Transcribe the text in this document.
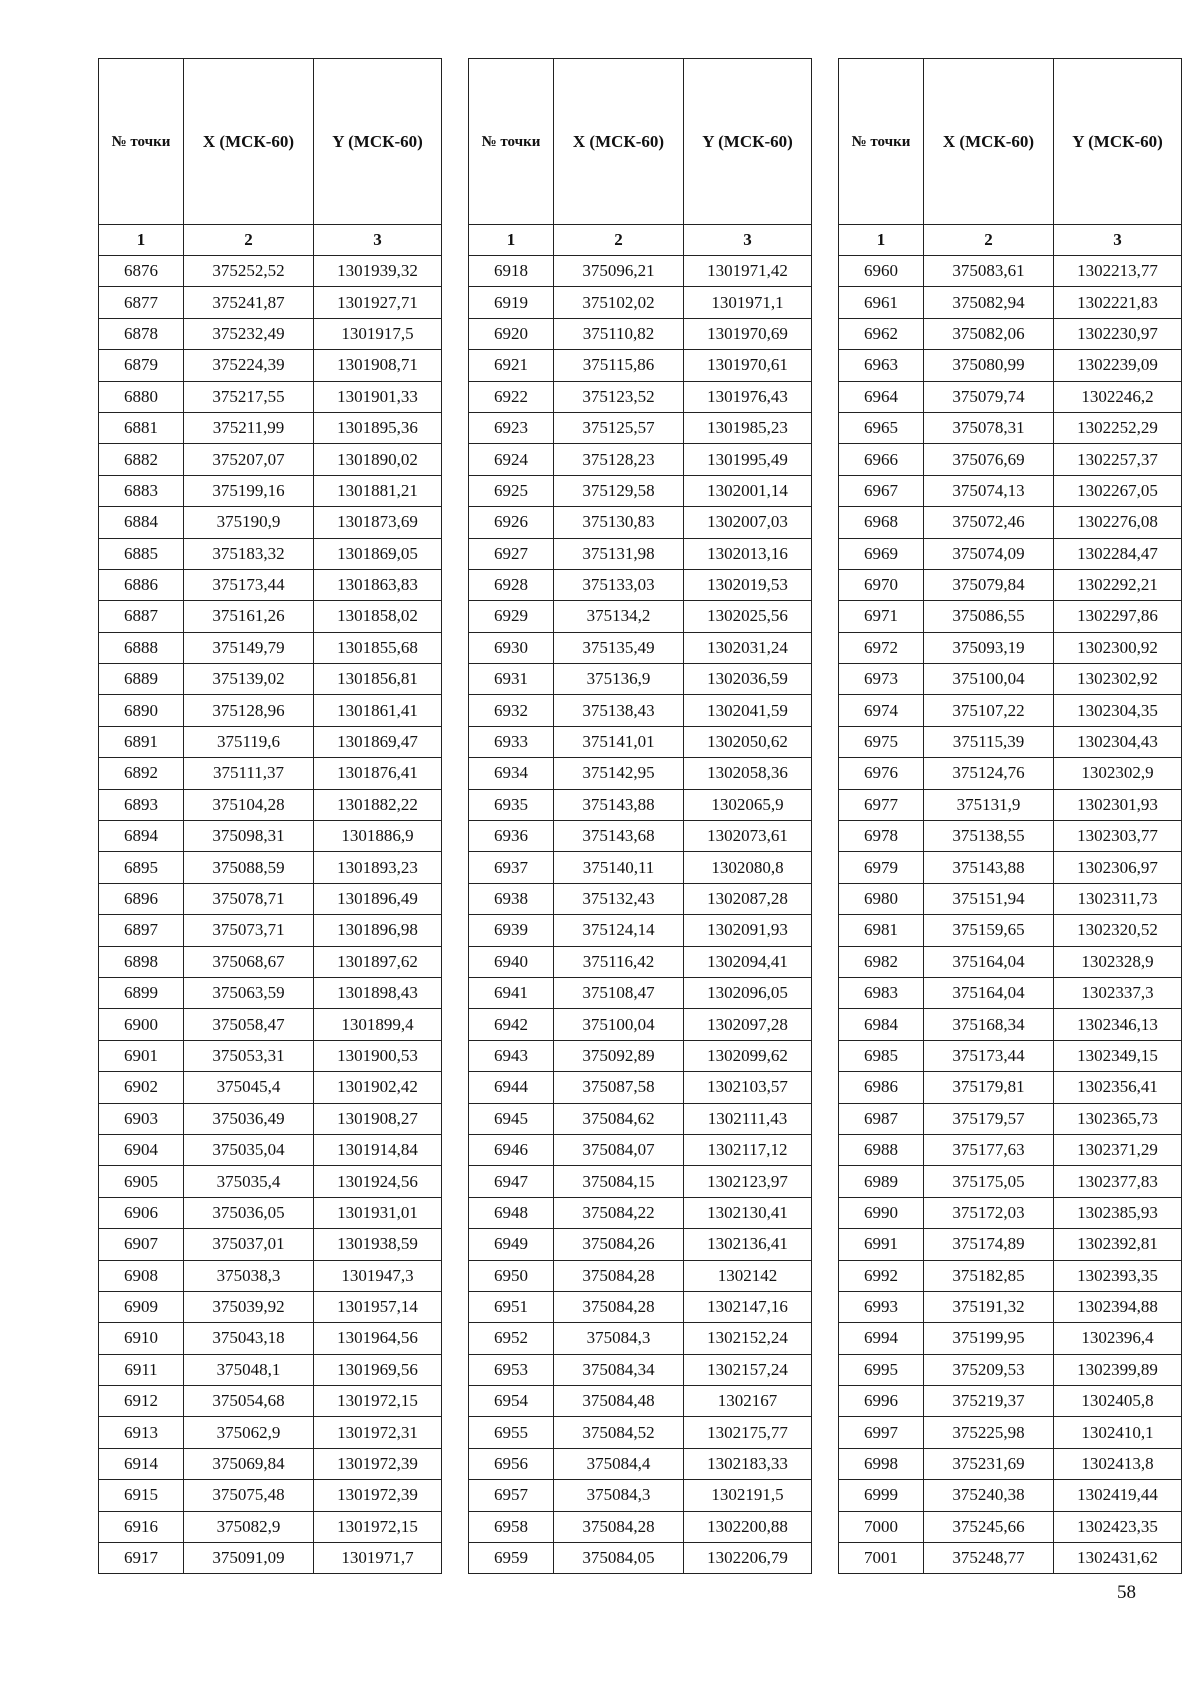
№ точки	X (МСК-60)	Y (МСК-60)
1	2	3
6876	375252,52	1301939,32
6877	375241,87	1301927,71
6878	375232,49	1301917,5
6879	375224,39	1301908,71
6880	375217,55	1301901,33
6881	375211,99	1301895,36
6882	375207,07	1301890,02
6883	375199,16	1301881,21
6884	375190,9	1301873,69
6885	375183,32	1301869,05
6886	375173,44	1301863,83
6887	375161,26	1301858,02
6888	375149,79	1301855,68
6889	375139,02	1301856,81
6890	375128,96	1301861,41
6891	375119,6	1301869,47
6892	375111,37	1301876,41
6893	375104,28	1301882,22
6894	375098,31	1301886,9
6895	375088,59	1301893,23
6896	375078,71	1301896,49
6897	375073,71	1301896,98
6898	375068,67	1301897,62
6899	375063,59	1301898,43
6900	375058,47	1301899,4
6901	375053,31	1301900,53
6902	375045,4	1301902,42
6903	375036,49	1301908,27
6904	375035,04	1301914,84
6905	375035,4	1301924,56
6906	375036,05	1301931,01
6907	375037,01	1301938,59
6908	375038,3	1301947,3
6909	375039,92	1301957,14
6910	375043,18	1301964,56
6911	375048,1	1301969,56
6912	375054,68	1301972,15
6913	375062,9	1301972,31
6914	375069,84	1301972,39
6915	375075,48	1301972,39
6916	375082,9	1301972,15
6917	375091,09	1301971,7
№ точки	X (МСК-60)	Y (МСК-60)
1	2	3
6918	375096,21	1301971,42
6919	375102,02	1301971,1
6920	375110,82	1301970,69
6921	375115,86	1301970,61
6922	375123,52	1301976,43
6923	375125,57	1301985,23
6924	375128,23	1301995,49
6925	375129,58	1302001,14
6926	375130,83	1302007,03
6927	375131,98	1302013,16
6928	375133,03	1302019,53
6929	375134,2	1302025,56
6930	375135,49	1302031,24
6931	375136,9	1302036,59
6932	375138,43	1302041,59
6933	375141,01	1302050,62
6934	375142,95	1302058,36
6935	375143,88	1302065,9
6936	375143,68	1302073,61
6937	375140,11	1302080,8
6938	375132,43	1302087,28
6939	375124,14	1302091,93
6940	375116,42	1302094,41
6941	375108,47	1302096,05
6942	375100,04	1302097,28
6943	375092,89	1302099,62
6944	375087,58	1302103,57
6945	375084,62	1302111,43
6946	375084,07	1302117,12
6947	375084,15	1302123,97
6948	375084,22	1302130,41
6949	375084,26	1302136,41
6950	375084,28	1302142
6951	375084,28	1302147,16
6952	375084,3	1302152,24
6953	375084,34	1302157,24
6954	375084,48	1302167
6955	375084,52	1302175,77
6956	375084,4	1302183,33
6957	375084,3	1302191,5
6958	375084,28	1302200,88
6959	375084,05	1302206,79
№ точки	X (МСК-60)	Y (МСК-60)
1	2	3
6960	375083,61	1302213,77
6961	375082,94	1302221,83
6962	375082,06	1302230,97
6963	375080,99	1302239,09
6964	375079,74	1302246,2
6965	375078,31	1302252,29
6966	375076,69	1302257,37
6967	375074,13	1302267,05
6968	375072,46	1302276,08
6969	375074,09	1302284,47
6970	375079,84	1302292,21
6971	375086,55	1302297,86
6972	375093,19	1302300,92
6973	375100,04	1302302,92
6974	375107,22	1302304,35
6975	375115,39	1302304,43
6976	375124,76	1302302,9
6977	375131,9	1302301,93
6978	375138,55	1302303,77
6979	375143,88	1302306,97
6980	375151,94	1302311,73
6981	375159,65	1302320,52
6982	375164,04	1302328,9
6983	375164,04	1302337,3
6984	375168,34	1302346,13
6985	375173,44	1302349,15
6986	375179,81	1302356,41
6987	375179,57	1302365,73
6988	375177,63	1302371,29
6989	375175,05	1302377,83
6990	375172,03	1302385,93
6991	375174,89	1302392,81
6992	375182,85	1302393,35
6993	375191,32	1302394,88
6994	375199,95	1302396,4
6995	375209,53	1302399,89
6996	375219,37	1302405,8
6997	375225,98	1302410,1
6998	375231,69	1302413,8
6999	375240,38	1302419,44
7000	375245,66	1302423,35
7001	375248,77	1302431,62
58
